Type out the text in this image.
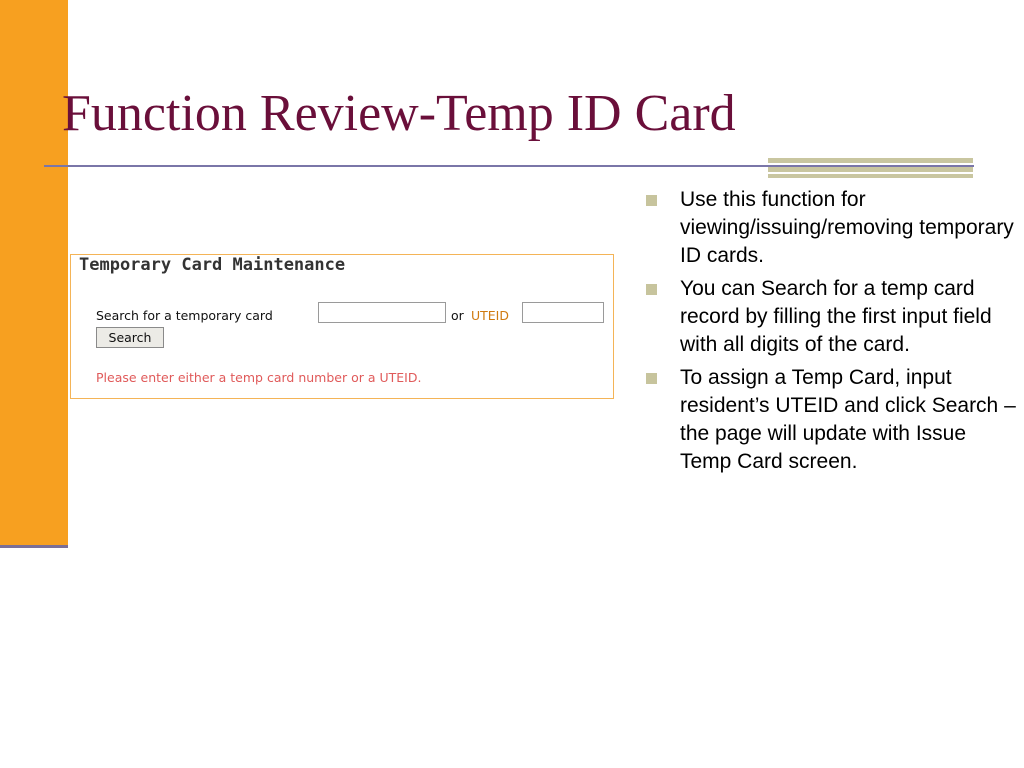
Function Review-Temp ID Card
Temporary Card Maintenance
Search for a temporary card	or UTEID
Search
Please enter either a temp card number or a UTEID.
Use this function for viewing/issuing/removing temporary ID cards.
You can Search for a temp card record by filling the first input field with all digits of the card.
To assign a Temp Card, input resident’s UTEID and click Search – the page will update with Issue Temp Card screen.
